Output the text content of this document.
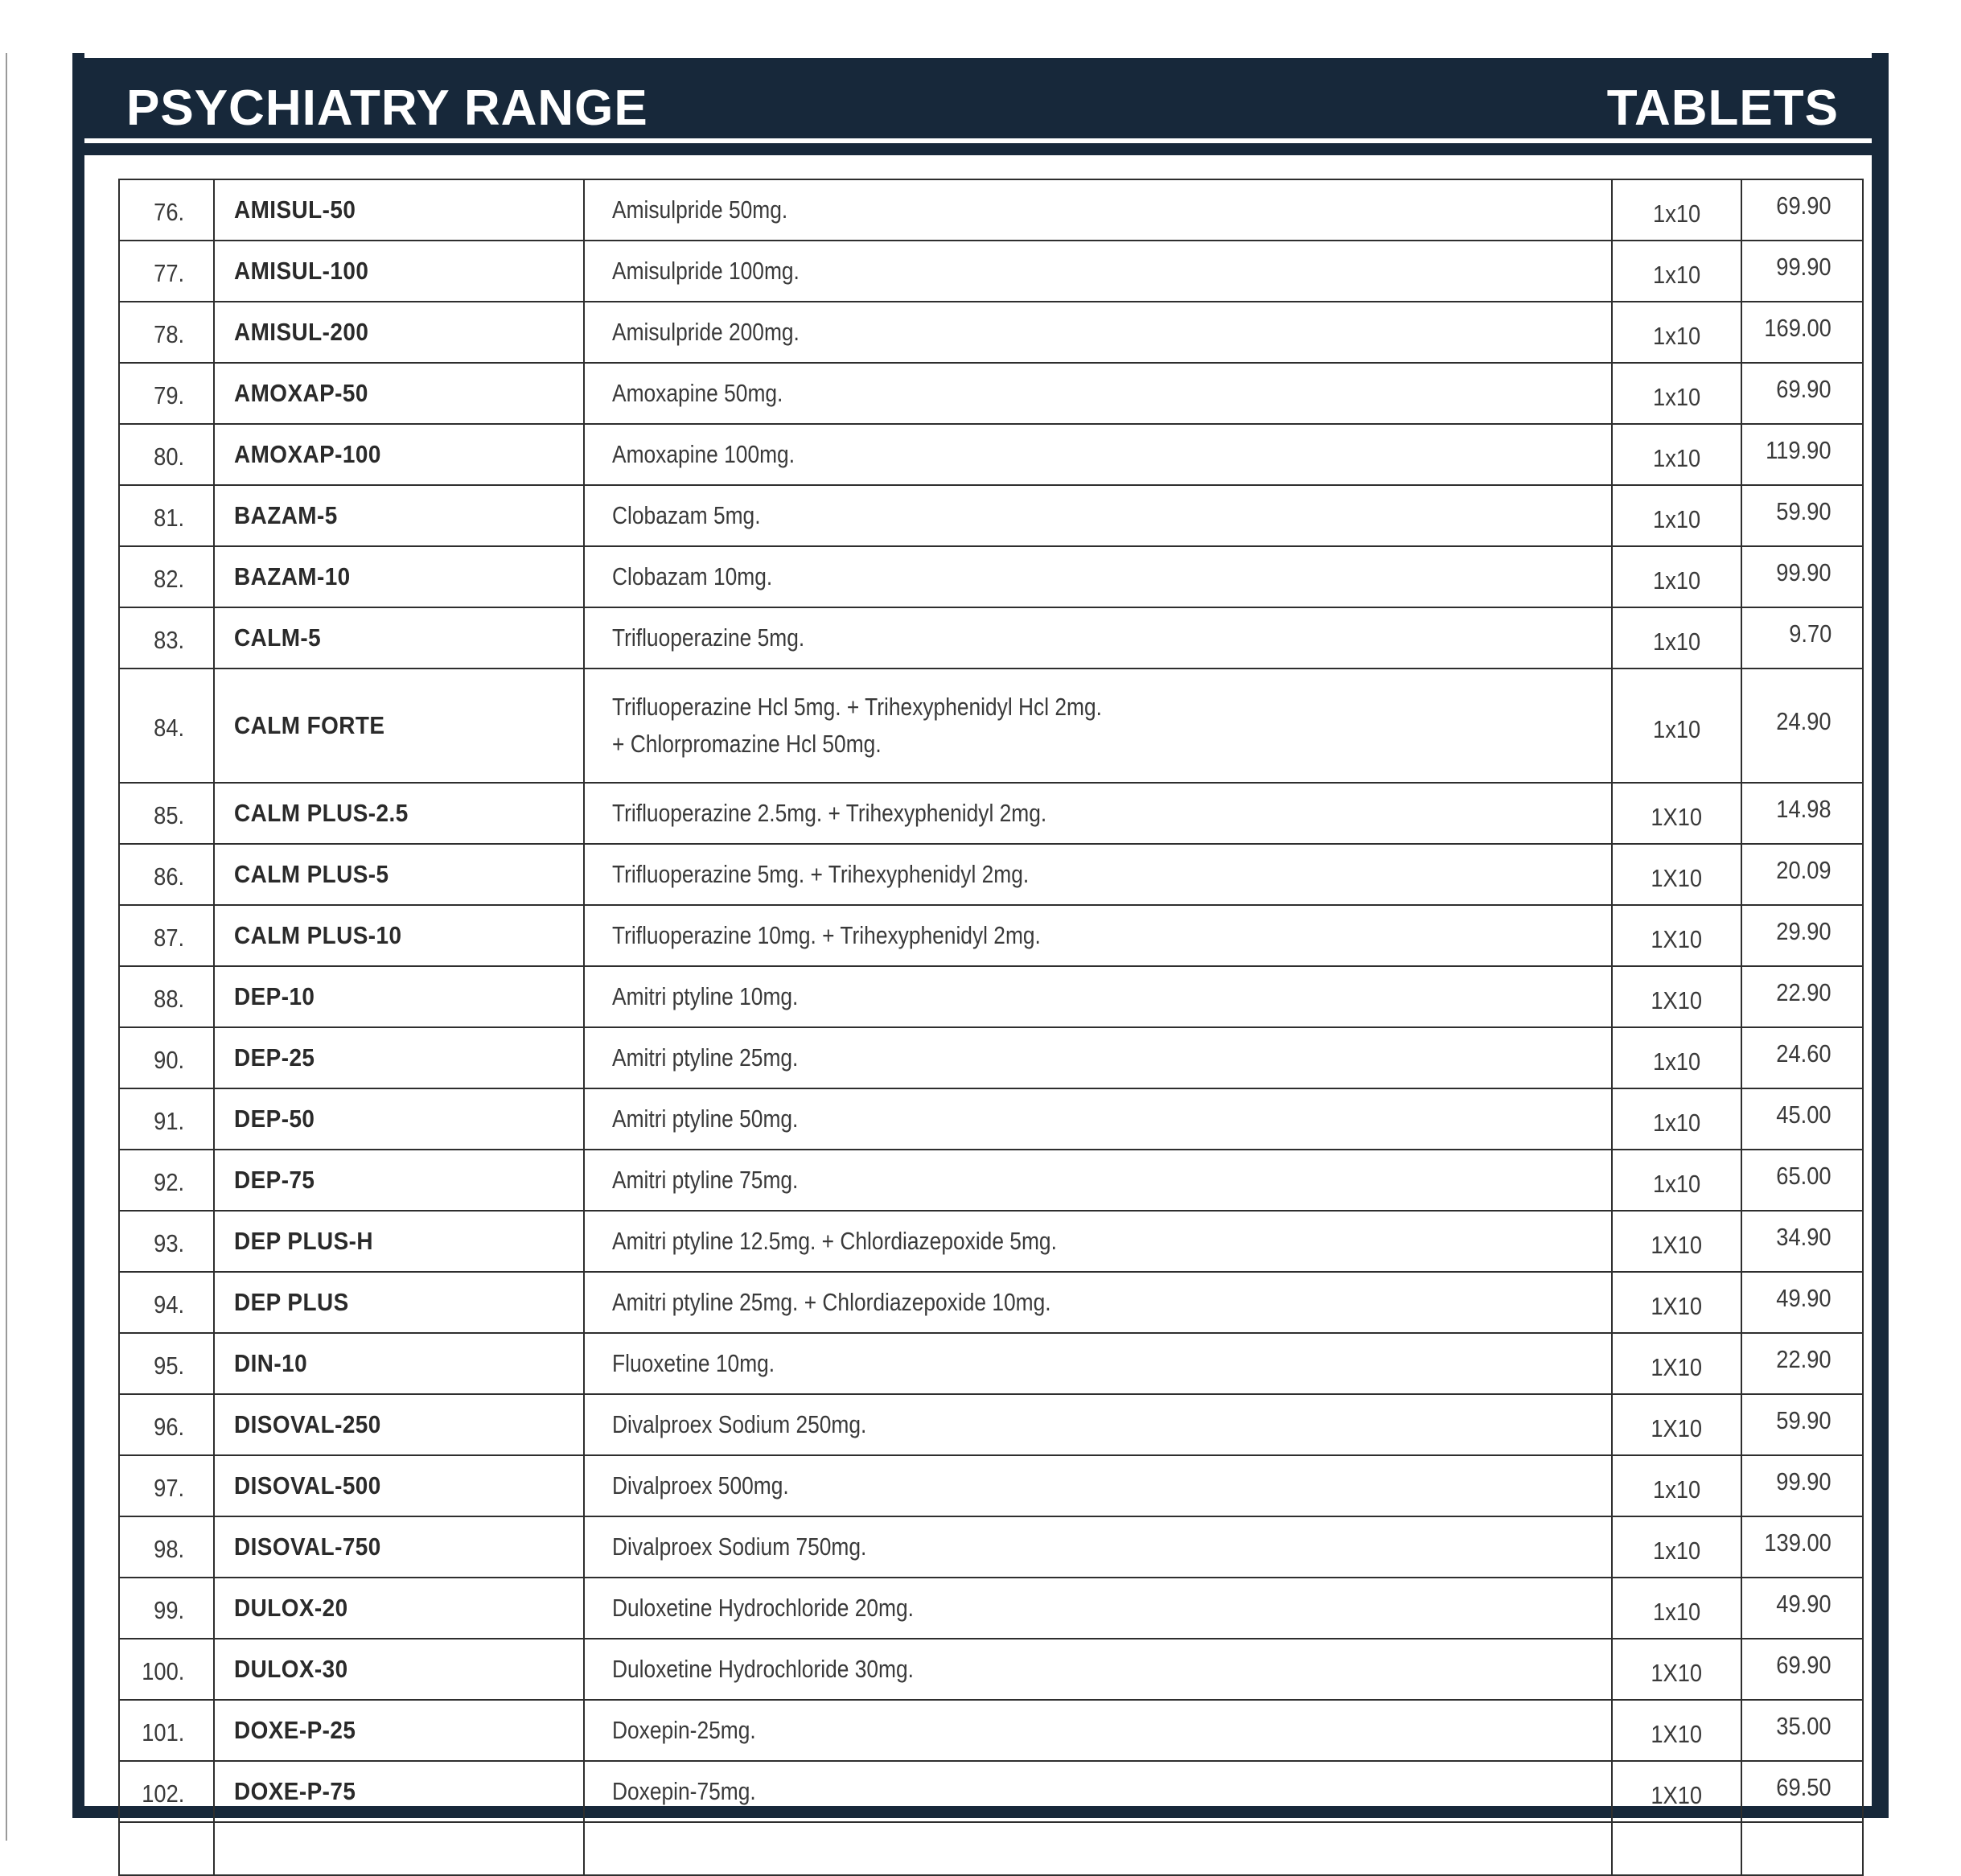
PSYCHIATRY RANGE	TABLETS
76.	AMISUL-50	Amisulpride 50mg.	1x10	69.90
77.	AMISUL-100	Amisulpride 100mg.	1x10	99.90
78.	AMISUL-200	Amisulpride 200mg.	1x10	169.00
79.	AMOXAP-50	Amoxapine 50mg.	1x10	69.90
80.	AMOXAP-100	Amoxapine 100mg.	1x10	119.90
81.	BAZAM-5	Clobazam 5mg.	1x10	59.90
82.	BAZAM-10	Clobazam 10mg.	1x10	99.90
83.	CALM-5	Trifluoperazine 5mg.	1x10	9.70
84.	CALM FORTE	Trifluoperazine Hcl 5mg. + Trihexyphenidyl Hcl 2mg.
+ Chlorpromazine Hcl 50mg.	1x10	24.90
85.	CALM PLUS-2.5	Trifluoperazine 2.5mg. + Trihexyphenidyl 2mg.	1X10	14.98
86.	CALM PLUS-5	Trifluoperazine 5mg. + Trihexyphenidyl 2mg.	1X10	20.09
87.	CALM PLUS-10	Trifluoperazine 10mg. + Trihexyphenidyl 2mg.	1X10	29.90
88.	DEP-10	Amitri ptyline 10mg.	1X10	22.90
90.	DEP-25	Amitri ptyline 25mg.	1x10	24.60
91.	DEP-50	Amitri ptyline 50mg.	1x10	45.00
92.	DEP-75	Amitri ptyline 75mg.	1x10	65.00
93.	DEP PLUS-H	Amitri ptyline 12.5mg. + Chlordiazepoxide 5mg.	1X10	34.90
94.	DEP PLUS	Amitri ptyline 25mg. + Chlordiazepoxide 10mg.	1X10	49.90
95.	DIN-10	Fluoxetine 10mg.	1X10	22.90
96.	DISOVAL-250	Divalproex Sodium 250mg.	1X10	59.90
97.	DISOVAL-500	Divalproex 500mg.	1x10	99.90
98.	DISOVAL-750	Divalproex Sodium 750mg.	1x10	139.00
99.	DULOX-20	Duloxetine Hydrochloride 20mg.	1x10	49.90
100.	DULOX-30	Duloxetine Hydrochloride 30mg.	1X10	69.90
101.	DOXE-P-25	Doxepin-25mg.	1X10	35.00
102.	DOXE-P-75	Doxepin-75mg.	1X10	69.50
